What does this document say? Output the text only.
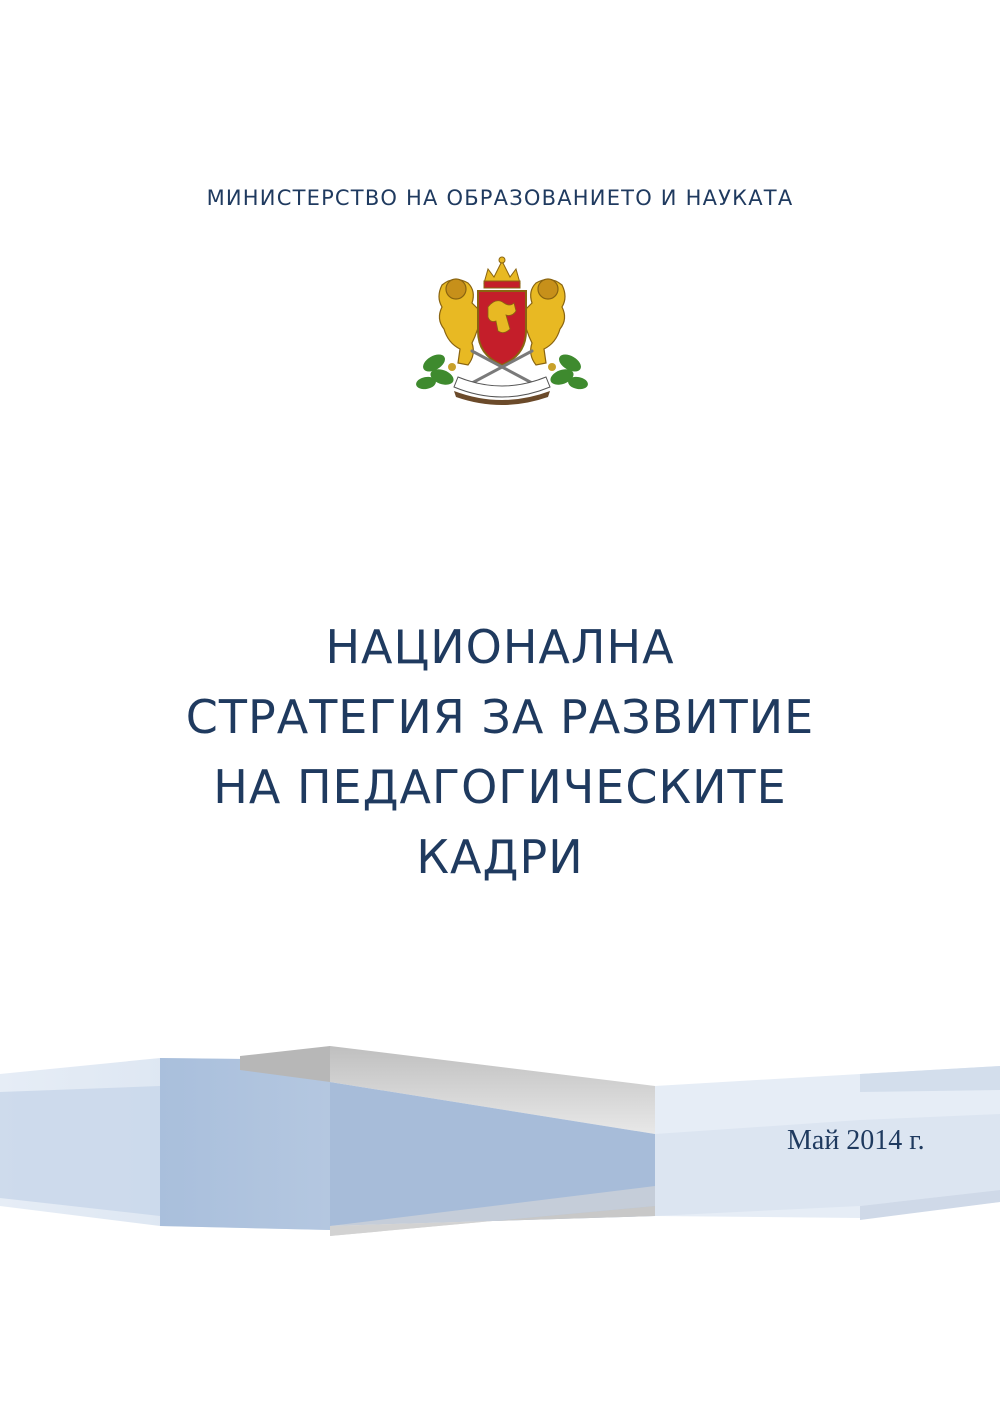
МИНИСТЕРСТВО НА ОБРАЗОВАНИЕТО И НАУКАТА
НАЦИОНАЛНА
СТРАТЕГИЯ ЗА РАЗВИТИЕ
НА ПЕДАГОГИЧЕСКИТЕ
КАДРИ
Май 2014 г.
